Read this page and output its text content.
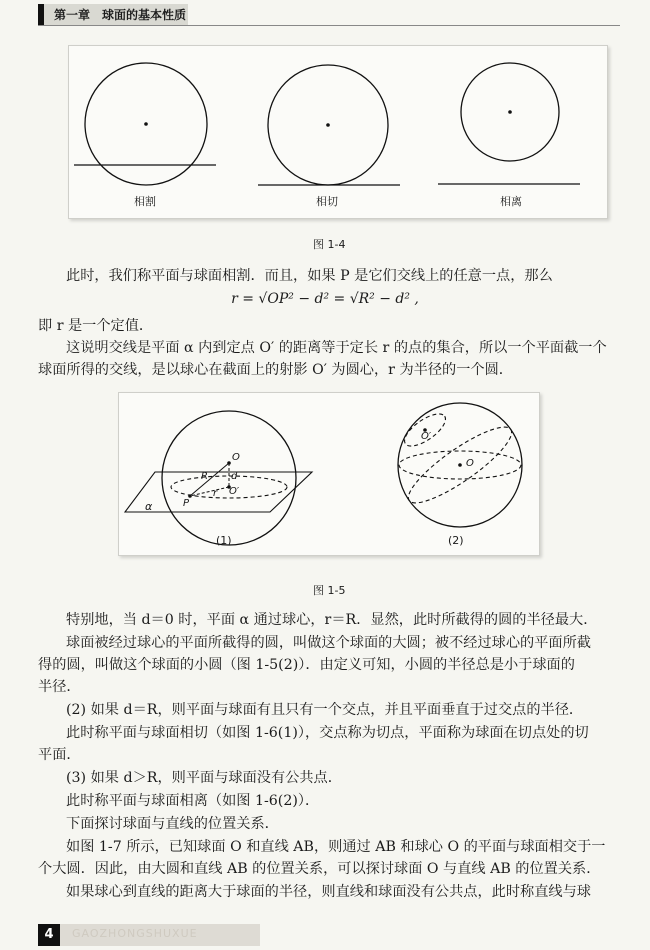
第一章　球面的基本性质
相割	相切	相离
图 1-4
此时，我们称平面与球面相割．而且，如果 P 是它们交线上的任意一点，那么
r = √OP² − d² = √R² − d² ,
即 r 是一个定值．
这说明交线是平面 α 内到定点 O′ 的距离等于定长 r 的点的集合，所以一个平面截一个
球面所得的交线，是以球心在截面上的射影 O′ 为圆心，r 为半径的一个圆．
O
R d
r O′
P
α
O
O′
(1)	(2)
图 1-5
特别地，当 d＝0 时，平面 α 通过球心，r＝R．显然，此时所截得的圆的半径最大．
球面被经过球心的平面所截得的圆，叫做这个球面的大圆；被不经过球心的平面所截
得的圆，叫做这个球面的小圆（图 1-5(2)）．由定义可知，小圆的半径总是小于球面的
半径．
(2) 如果 d＝R，则平面与球面有且只有一个交点，并且平面垂直于过交点的半径．
此时称平面与球面相切（如图 1-6(1)），交点称为切点，平面称为球面在切点处的切
平面．
(3) 如果 d＞R，则平面与球面没有公共点．
此时称平面与球面相离（如图 1-6(2)）．
下面探讨球面与直线的位置关系．
如图 1-7 所示，已知球面 O 和直线 AB，则通过 AB 和球心 O 的平面与球面相交于一
个大圆．因此，由大圆和直线 AB 的位置关系，可以探讨球面 O 与直线 AB 的位置关系．
如果球心到直线的距离大于球面的半径，则直线和球面没有公共点，此时称直线与球
4	GAOZHONGSHUXUE
